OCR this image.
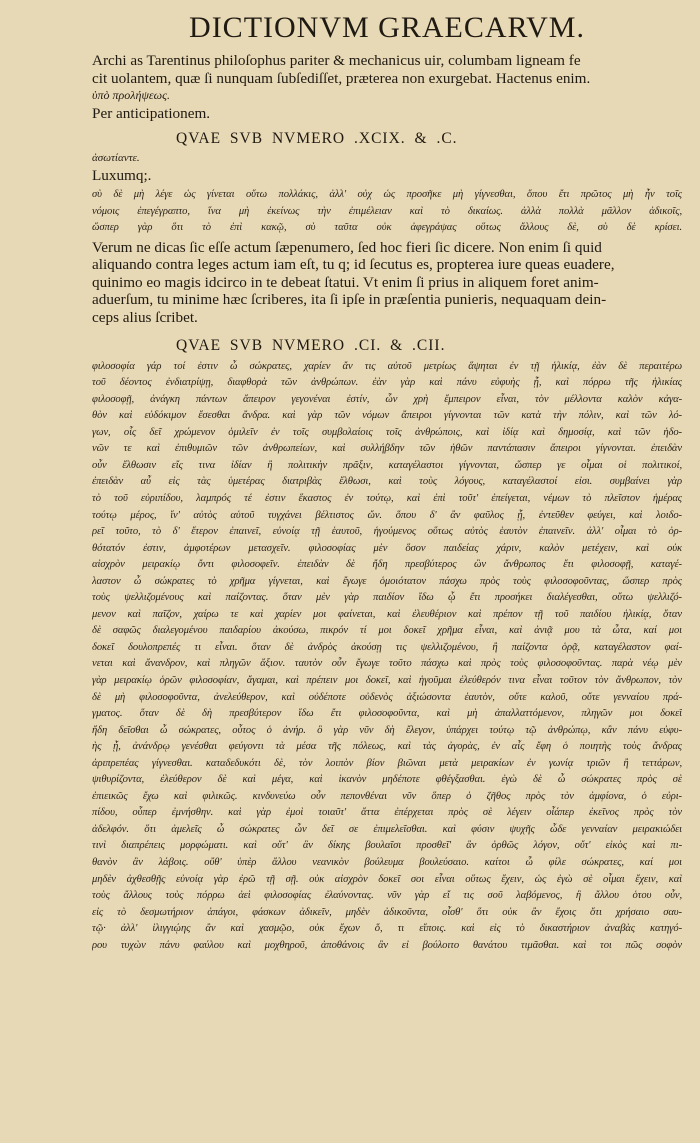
DICTIONVM GRAECARVM.
Archi as Tarentinus philoſophus pariter & mechanicus uir, columbam ligneam fe
cit uolantem, quæ ſi nunquam ſubſediſſet, præterea non exurgebat. Hactenus enim.
ὑπὸ προλήψεως.
Per anticipationem.
QVAE SVB NVMERO .XCIX. & .C.
ἀσωτίαντε.
Luxumq;.
σὺ δὲ μὴ λέγε ὡς γίνεται οὕτω πολλάκις, ἀλλ' οὐχ ὡς προσῆκε μὴ γίγνεσθαι, ὅπου ἔτι πρῶτος μὴ ἦν τοῖς
νόμοις ἐπεγέγραπτο, ἵνα μὴ ἐκείνως τὴν ἐπιμέλειαν καὶ τὸ δικαίως. ἀλλὰ πολλὰ μᾶλλον ἀδικοῖς,
ὥσπερ γὰρ ὅτι τὸ ἐπὶ κακῷ, σὺ ταῦτα οὐκ ἀφεγράψας οὕτως ἄλλους δὲ, σὺ δὲ κρίσει.
Verum ne dicas ſic eſſe actum ſæpenumero, ſed hoc fieri ſic dicere. Non enim ſi quid
aliquando contra leges actum iam eſt, tu q; id ſecutus es, propterea iure queas euadere,
quinimo eo magis idcirco in te debeat ſtatui. Vt enim ſi prius in aliquem foret anim-
aduerſum, tu minime hæc ſcriberes, ita ſi ipſe in præſentia punieris, nequaquam dein-
ceps alius ſcribet.
QVAE SVB NVMERO .CI. & .CII.
φιλοσοφία γάρ τοί ἐστιν ὦ σώκρατες, χαρίεν ἄν τις αὐτοῦ μετρίως ἅψηται ἐν τῇ ἡλικίᾳ, ἐὰν δὲ περαιτέρω
τοῦ δέοντος ἐνδιατρίψῃ, διαφθορὰ τῶν ἀνθρώπων. ἐὰν γὰρ καὶ πάνυ εὐφυὴς ᾖ, καὶ πόρρω τῆς ἡλικίας
φιλοσοφῇ, ἀνάγκη πάντων ἄπειρον γεγονέναι ἐστίν, ὧν χρὴ ἔμπειρον εἶναι, τὸν μέλλοντα καλὸν κἀγα-
θὸν καὶ εὐδόκιμον ἔσεσθαι ἄνδρα. καὶ γὰρ τῶν νόμων ἄπειροι γίγνονται τῶν κατὰ τὴν πόλιν, καὶ τῶν λό-
γων, οἷς δεῖ χρώμενον ὁμιλεῖν ἐν τοῖς συμβολαίοις τοῖς ἀνθρώποις, καὶ ἰδίᾳ καὶ δημοσίᾳ, καὶ τῶν ἡδο-
νῶν τε καὶ ἐπιθυμιῶν τῶν ἀνθρωπείων, καὶ συλλήβδην τῶν ἠθῶν παντάπασιν ἄπειροι γίγνονται. ἐπειδὰν
οὖν ἔλθωσιν εἴς τινα ἰδίαν ἢ πολιτικὴν πρᾶξιν, καταγέλαστοι γίγνονται, ὥσπερ γε οἶμαι οἱ πολιτικοί,
ἐπειδὰν αὖ εἰς τὰς ὑμετέρας διατριβὰς ἔλθωσι, καὶ τοὺς λόγους, καταγέλαστοί εἰσι. συμβαίνει γὰρ
τὸ τοῦ εὐριπίδου, λαμπρός τέ ἐστιν ἕκαστος ἐν τούτῳ, καὶ ἐπὶ τοῦτ' ἐπείγεται, νέμων τὸ πλεῖστον ἡμέρας
τούτῳ μέρος, ἵν' αὐτὸς αὑτοῦ τυγχάνει βέλτιστος ὤν. ὅπου δ' ἂν φαῦλος ᾖ, ἐντεῦθεν φεύγει, καὶ λοιδο-
ρεῖ τοῦτο, τὸ δ' ἕτερον ἐπαινεῖ, εὐνοίᾳ τῇ ἑαυτοῦ, ἡγούμενος οὕτως αὐτὸς ἑαυτὸν ἐπαινεῖν. ἀλλ' οἶμαι τὸ ὀρ-
θότατόν ἐστιν, ἀμφοτέρων μετασχεῖν. φιλοσοφίας μὲν ὅσον παιδείας χάριν, καλὸν μετέχειν, καὶ οὐκ
αἰσχρὸν μειρακίῳ ὄντι φιλοσοφεῖν. ἐπειδὰν δὲ ἤδη πρεσβύτερος ὢν ἄνθρωπος ἔτι φιλοσοφῇ, καταγέ-
λαστον ὦ σώκρατες τὸ χρῆμα γίγνεται, καὶ ἔγωγε ὁμοιότατον πάσχω πρὸς τοὺς φιλοσοφοῦντας, ὥσπερ πρὸς
τοὺς ψελλιζομένους καὶ παίζοντας. ὅταν μὲν γὰρ παιδίον ἴδω ᾧ ἔτι προσήκει διαλέγεσθαι, οὕτω ψελλιζό-
μενον καὶ παῖζον, χαίρω τε καὶ χαρίεν μοι φαίνεται, καὶ ἐλευθέριον καὶ πρέπον τῇ τοῦ παιδίου ἡλικίᾳ, ὅταν
δὲ σαφῶς διαλεγομένου παιδαρίου ἀκούσω, πικρόν τί μοι δοκεῖ χρῆμα εἶναι, καὶ ἀνιᾷ μου τὰ ὦτα, καί μοι
δοκεῖ δουλοπρεπές τι εἶναι. ὅταν δὲ ἀνδρὸς ἀκούσῃ τις ψελλιζομένου, ἢ παίζοντα ὁρᾷ, καταγέλαστον φαί-
νεται καὶ ἄνανδρον, καὶ πληγῶν ἄξιον. ταυτὸν οὖν ἔγωγε τοῦτο πάσχω καὶ πρὸς τοὺς φιλοσοφοῦντας. παρὰ νέῳ μὲν
γὰρ μειρακίῳ ὁρῶν φιλοσοφίαν, ἄγαμαι, καὶ πρέπειν μοι δοκεῖ, καὶ ἡγοῦμαι ἐλεύθερόν τινα εἶναι τοῦτον τὸν ἄνθρωπον, τὸν
δὲ μὴ φιλοσοφοῦντα, ἀνελεύθερον, καὶ οὐδέποτε οὐδενὸς ἀξιώσοντα ἑαυτὸν, οὔτε καλοῦ, οὔτε γενναίου πρά-
γματος. ὅταν δὲ δὴ πρεσβύτερον ἴδω ἔτι φιλοσοφοῦντα, καὶ μὴ ἀπαλλαττόμενον, πληγῶν μοι δοκεῖ
ἤδη δεῖσθαι ὦ σώκρατες, οὗτος ὁ ἀνήρ. ὃ γὰρ νῦν δὴ ἔλεγον, ὑπάρχει τούτῳ τῷ ἀνθρώπῳ, κἂν πάνυ εὐφυ-
ὴς ᾖ, ἀνάνδρῳ γενέσθαι φεύγοντι τὰ μέσα τῆς πόλεως, καὶ τὰς ἀγορὰς, ἐν αἷς ἔφη ὁ ποιητὴς τοὺς ἄνδρας
ἀριπρεπέας γίγνεσθαι. καταδεδυκότι δὲ, τὸν λοιπὸν βίον βιῶναι μετὰ μειρακίων ἐν γωνίᾳ τριῶν ἢ τεττάρων,
ψιθυρίζοντα, ἐλεύθερον δὲ καὶ μέγα, καὶ ἱκανὸν μηδέποτε φθέγξασθαι. ἐγὼ δὲ ὦ σώκρατες πρὸς σὲ
ἐπιεικῶς ἔχω καὶ φιλικῶς. κινδυνεύω οὖν πεπονθέναι νῦν ὅπερ ὁ ζῆθος πρὸς τὸν ἀμφίονα, ὁ εὐρι-
πίδου, οὗπερ ἐμνήσθην. καὶ γὰρ ἐμοὶ τοιαῦτ' ἄττα ἐπέρχεται πρὸς σὲ λέγειν οἷάπερ ἐκεῖνος πρὸς τὸν
ἀδελφόν. ὅτι ἀμελεῖς ὦ σώκρατες ὧν δεῖ σε ἐπιμελεῖσθαι. καὶ φύσιν ψυχῆς ὧδε γενναίαν μειρακιώδει
τινὶ διαπρέπεις μορφώματι. καὶ οὔτ' ἂν δίκης βουλαῖσι προσθεῖ' ἂν ὀρθῶς λόγον, οὔτ' εἰκὸς καὶ πι-
θανὸν ἂν λάβοις. οὔθ' ὑπὲρ ἄλλου νεανικὸν βούλευμα βουλεύσαιο. καίτοι ὦ φίλε σώκρατες, καί μοι
μηδὲν ἀχθεσθῇς εὐνοίᾳ γὰρ ἐρῶ τῇ σῇ. οὐκ αἰσχρὸν δοκεῖ σοι εἶναι οὕτως ἔχειν, ὡς ἐγὼ σὲ οἶμαι ἔχειν, καὶ
τοὺς ἄλλους τοὺς πόρρω ἀεὶ φιλοσοφίας ἐλαύνοντας. νῦν γὰρ εἴ τις σοῦ λαβόμενος, ἢ ἄλλου ὁτου οὖν,
εἰς τὸ δεσμωτήριον ἀπάγοι, φάσκων ἀδικεῖν, μηδὲν ἀδικοῦντα, οἶσθ' ὅτι οὐκ ἂν ἔχοις ὅτι χρήσαιο σαυ-
τῷ· ἀλλ' ἰλιγγιῴης ἂν καὶ χασμῷο, οὐκ ἔχων ὅ, τι εἴποις. καὶ εἰς τὸ δικαστήριον ἀναβὰς κατηγό-
ρου τυχὼν πάνυ φαύλου καὶ μοχθηροῦ, ἀποθάνοις ἂν εἰ βούλοιτο θανάτου τιμᾶσθαι. καὶ τοι πῶς σοφὸν
